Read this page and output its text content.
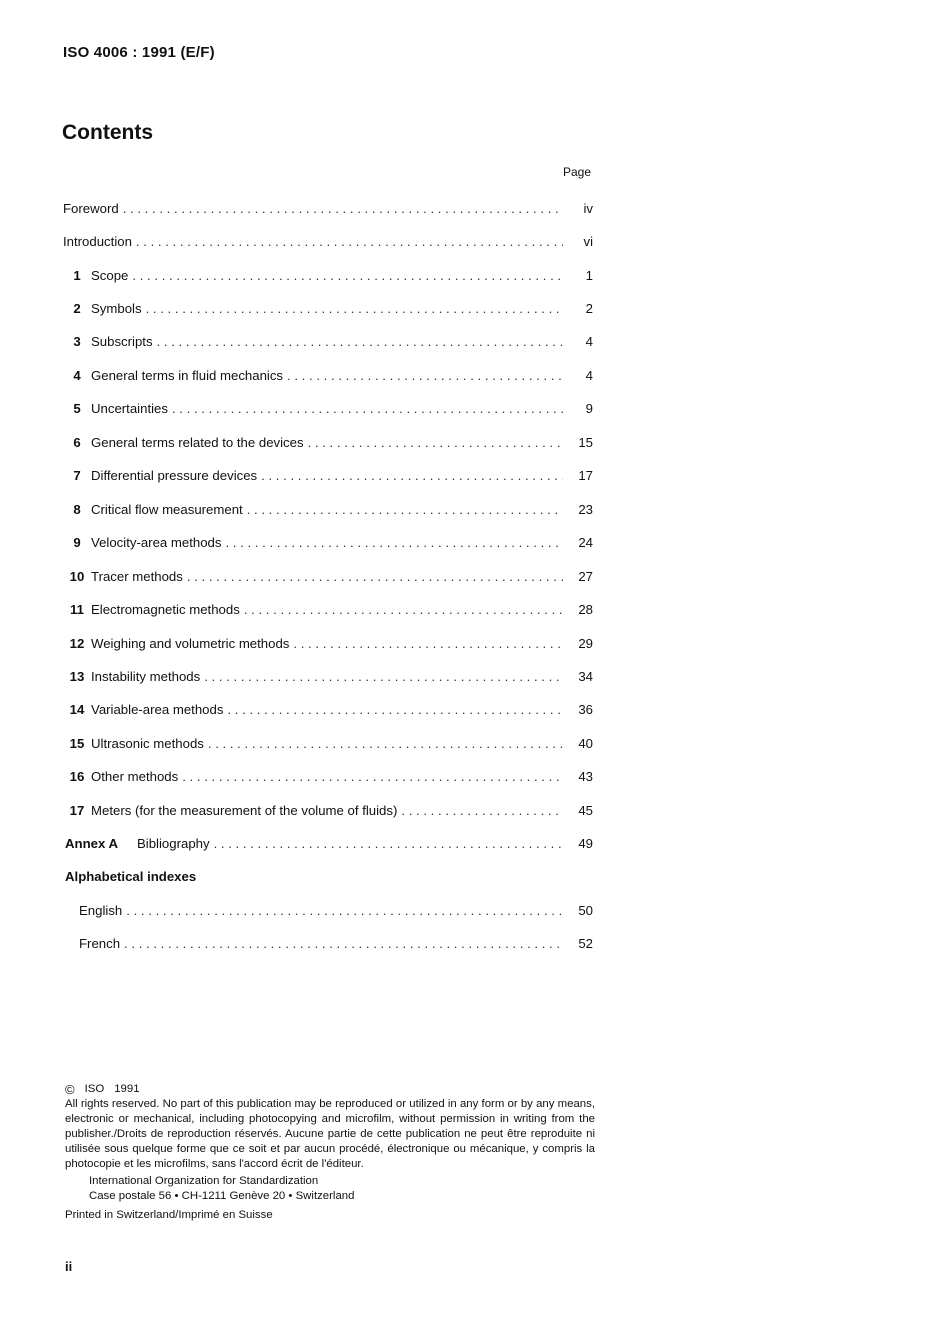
ISO 4006 : 1991 (E/F)
Contents
Page
Foreword . . .	iv
Introduction . . .	vi
1 Scope . . .	1
2 Symbols . . .	2
3 Subscripts . . .	4
4 General terms in fluid mechanics . . .	4
5 Uncertainties . . .	9
6 General terms related to the devices . . .	15
7 Differential pressure devices . . .	17
8 Critical flow measurement . . .	23
9 Velocity-area methods . . .	24
10 Tracer methods . . .	27
11 Electromagnetic methods . . .	28
12 Weighing and volumetric methods . . .	29
13 Instability methods . . .	34
14 Variable-area methods . . .	36
15 Ultrasonic methods . . .	40
16 Other methods . . .	43
17 Meters (for the measurement of the volume of fluids) . . .	45
Annex A	Bibliography . . .	49
Alphabetical indexes
English . . .	50
French . . .	52
© ISO 1991
All rights reserved. No part of this publication may be reproduced or utilized in any form or by any means, electronic or mechanical, including photocopying and microfilm, without permission in writing from the publisher./Droits de reproduction réservés. Aucune partie de cette publication ne peut être reproduite ni utilisée sous quelque forme que ce soit et par aucun procédé, électronique ou mécanique, y compris la photocopie et les microfilms, sans l'accord écrit de l'éditeur.
International Organization for Standardization
Case postale 56 • CH-1211 Genève 20 • Switzerland
Printed in Switzerland/Imprimé en Suisse
ii
